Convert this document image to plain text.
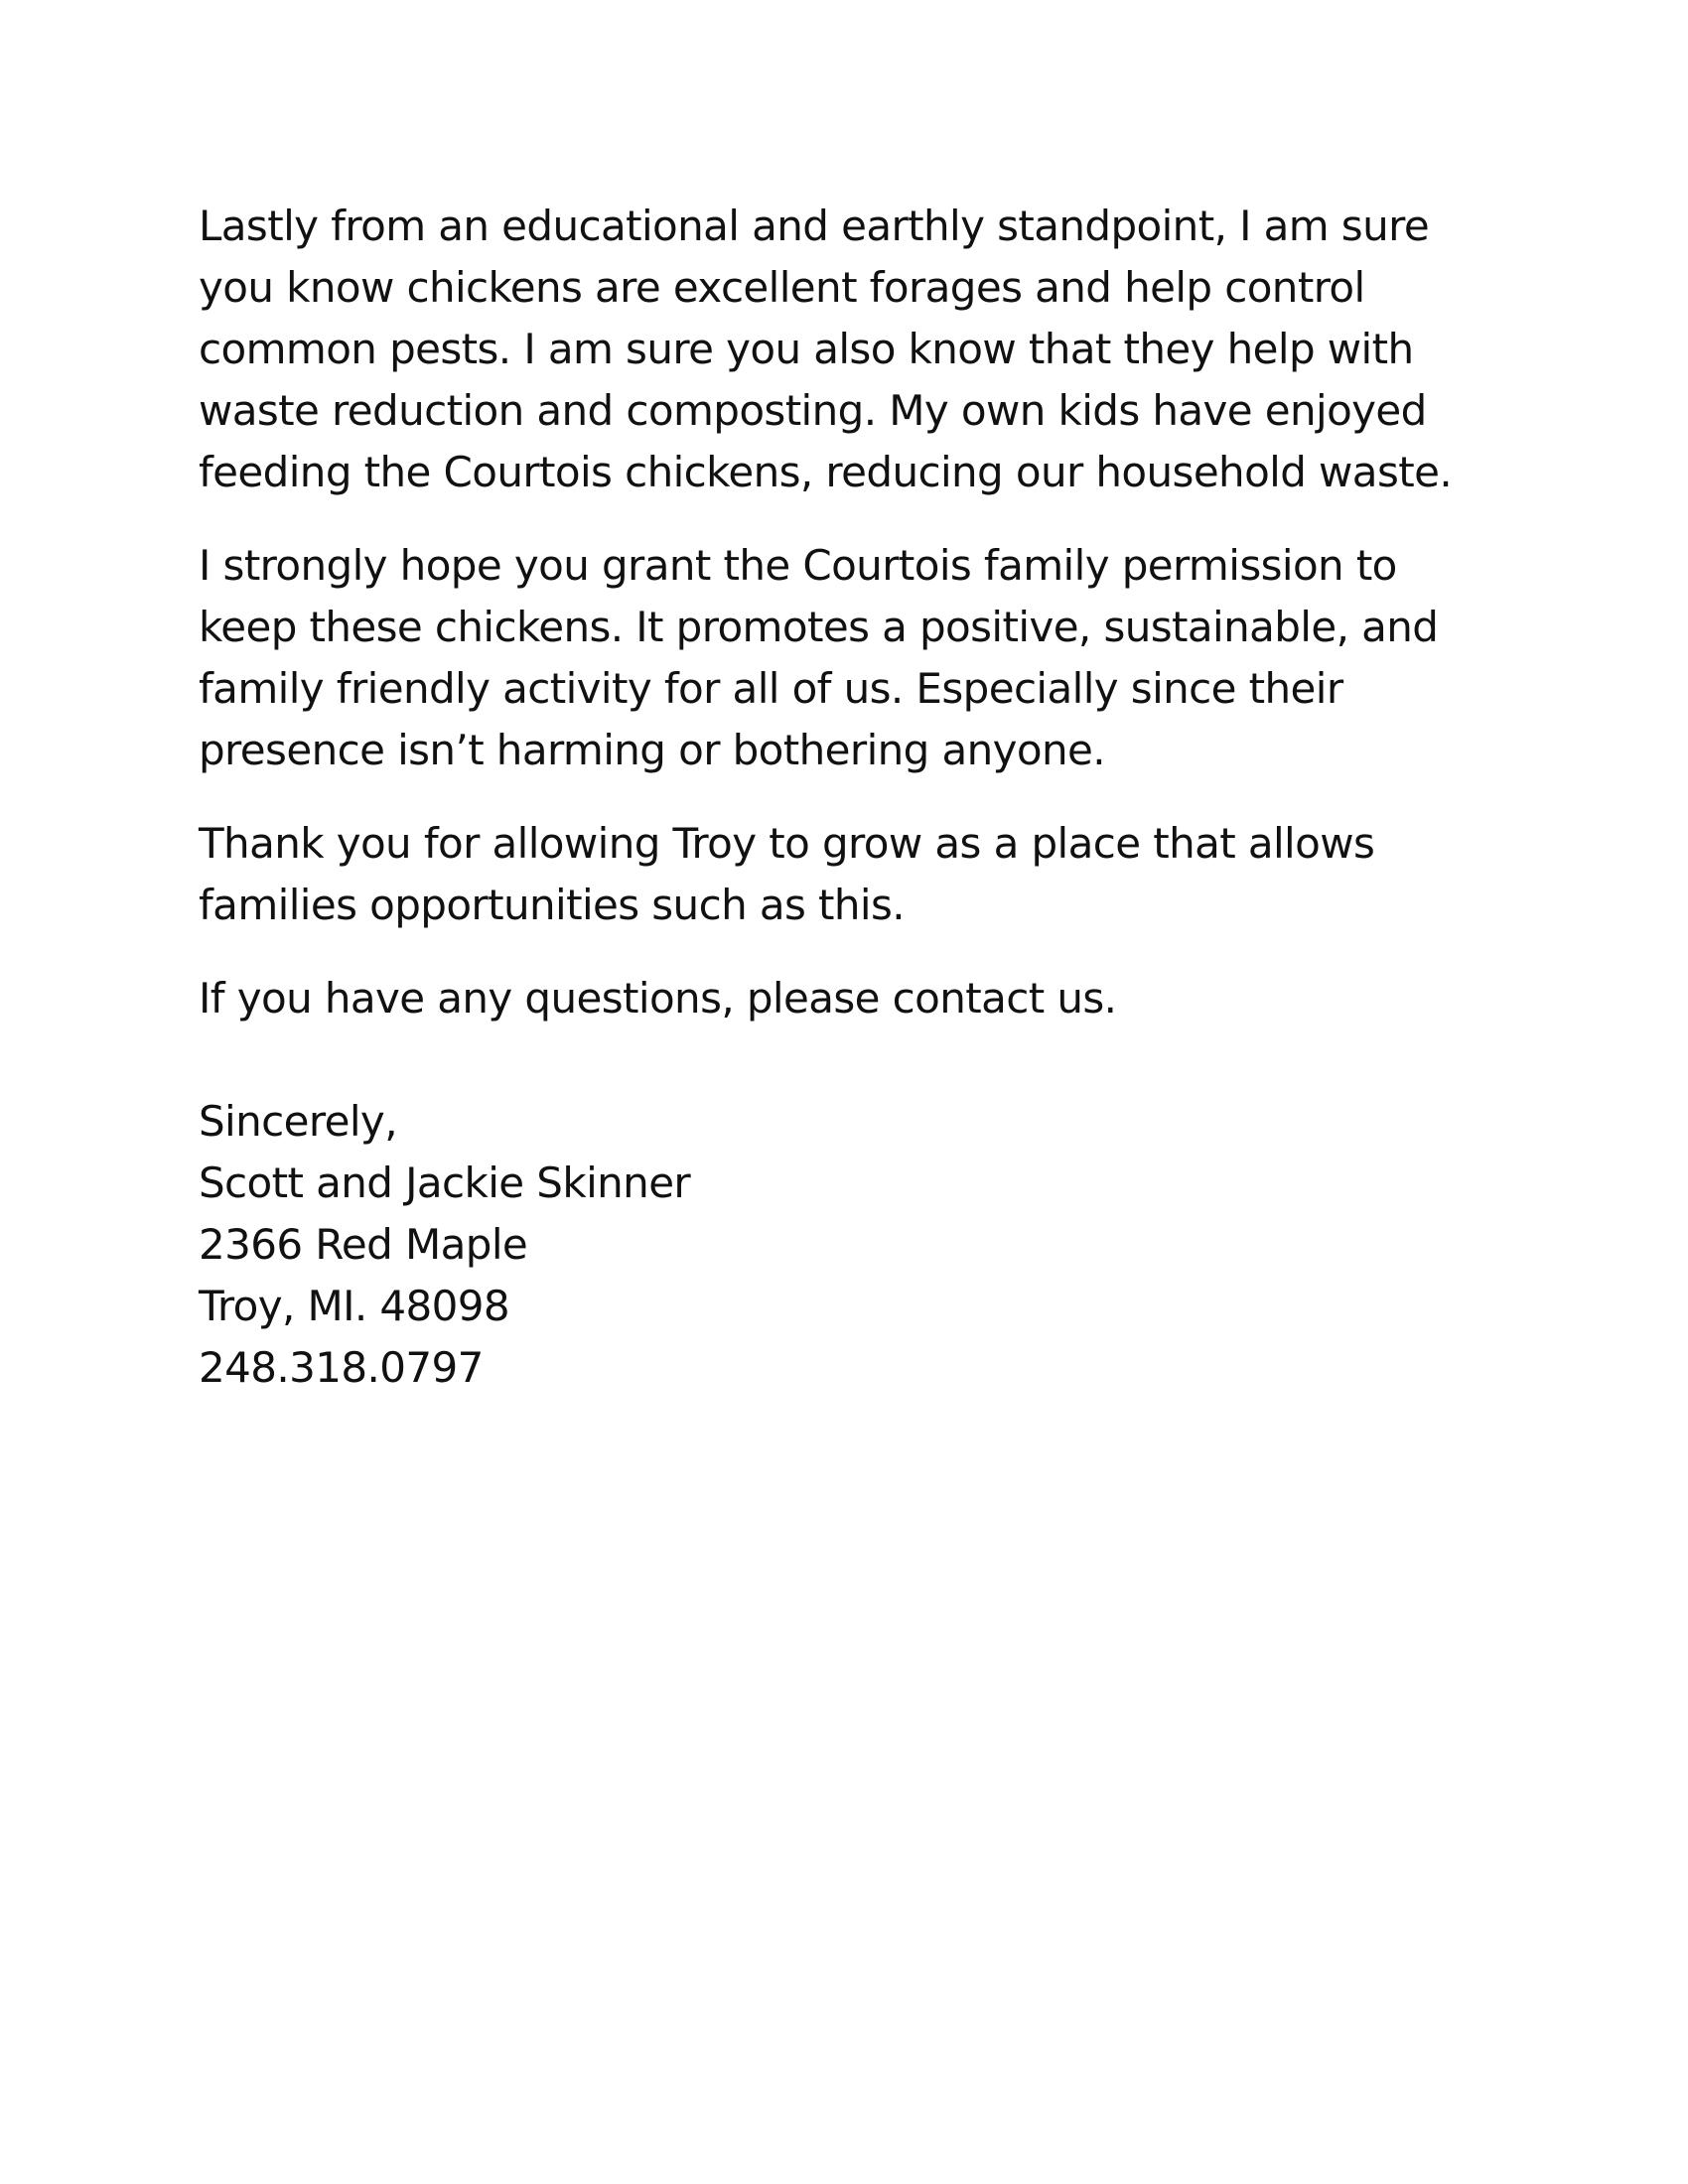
Lastly from an educational and earthly standpoint, I am sure
you know chickens are excellent forages and help control
common pests. I am sure you also know that they help with
waste reduction and composting. My own kids have enjoyed
feeding the Courtois chickens, reducing our household waste.

I strongly hope you grant the Courtois family permission to
keep these chickens. It promotes a positive, sustainable, and
family friendly activity for all of us. Especially since their
presence isn’t harming or bothering anyone.

Thank you for allowing Troy to grow as a place that allows
families opportunities such as this.

If you have any questions, please contact us.

Sincerely,
Scott and Jackie Skinner
2366 Red Maple
Troy, MI. 48098
248.318.0797
